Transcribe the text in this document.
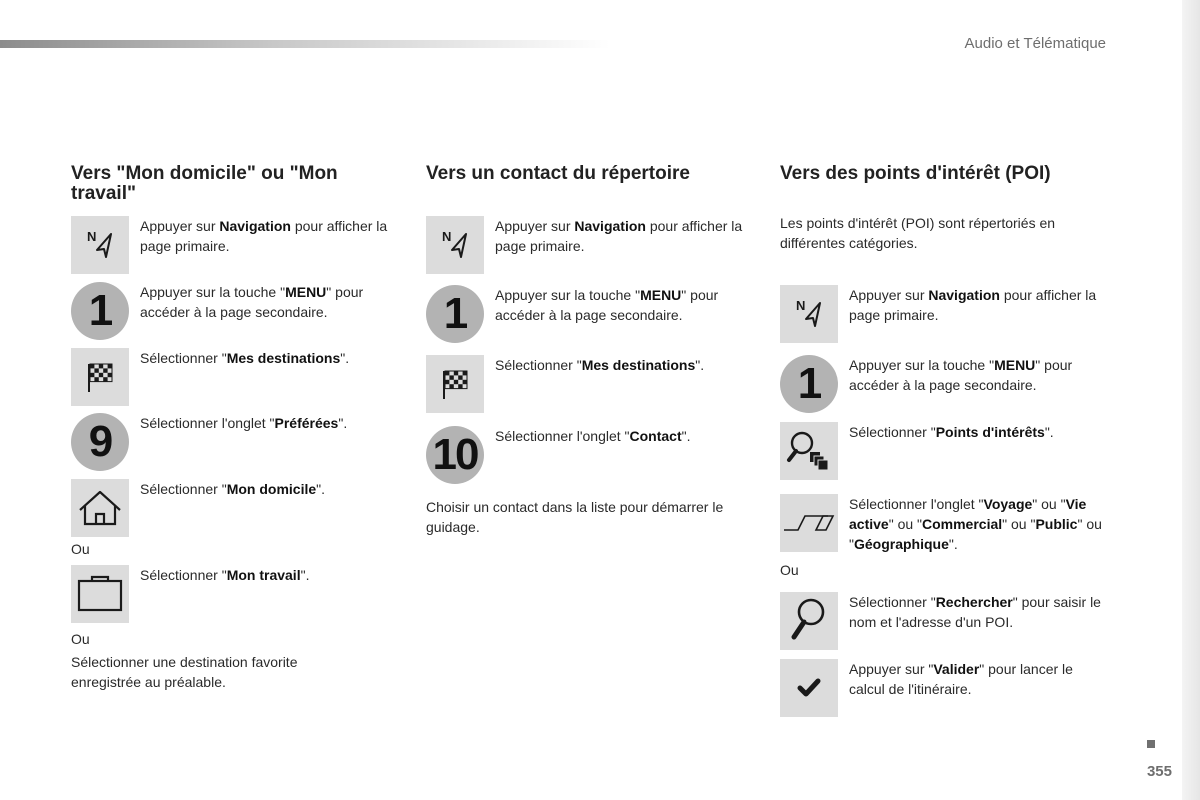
Audio et Télématique
355
Vers "Mon domicile" ou "Mon travail"
N
Appuyer sur Navigation pour afficher la page primaire.
1	Appuyer sur la touche "MENU" pour accéder à la page secondaire.
Sélectionner "Mes destinations".
9	Sélectionner l'onglet "Préférées".
Sélectionner "Mon domicile".
Ou
Sélectionner "Mon travail".
Ou
Sélectionner une destination favorite enregistrée au préalable.
Vers un contact du répertoire
N
Appuyer sur Navigation pour afficher la page primaire.
1	Appuyer sur la touche "MENU" pour accéder à la page secondaire.
Sélectionner "Mes destinations".
10	Sélectionner l'onglet "Contact".
Choisir un contact dans la liste pour démarrer le guidage.
Vers des points d'intérêt (POI)
Les points d'intérêt (POI) sont répertoriés en différentes catégories.
N
Appuyer sur Navigation pour afficher la page primaire.
1	Appuyer sur la touche "MENU" pour accéder à la page secondaire.
Sélectionner "Points d'intérêts".
Sélectionner l'onglet "Voyage" ou "Vie active" ou "Commercial" ou "Public" ou "Géographique".
Ou
Sélectionner "Rechercher" pour saisir le nom et l'adresse d'un POI.
Appuyer sur "Valider" pour lancer le calcul de l'itinéraire.
